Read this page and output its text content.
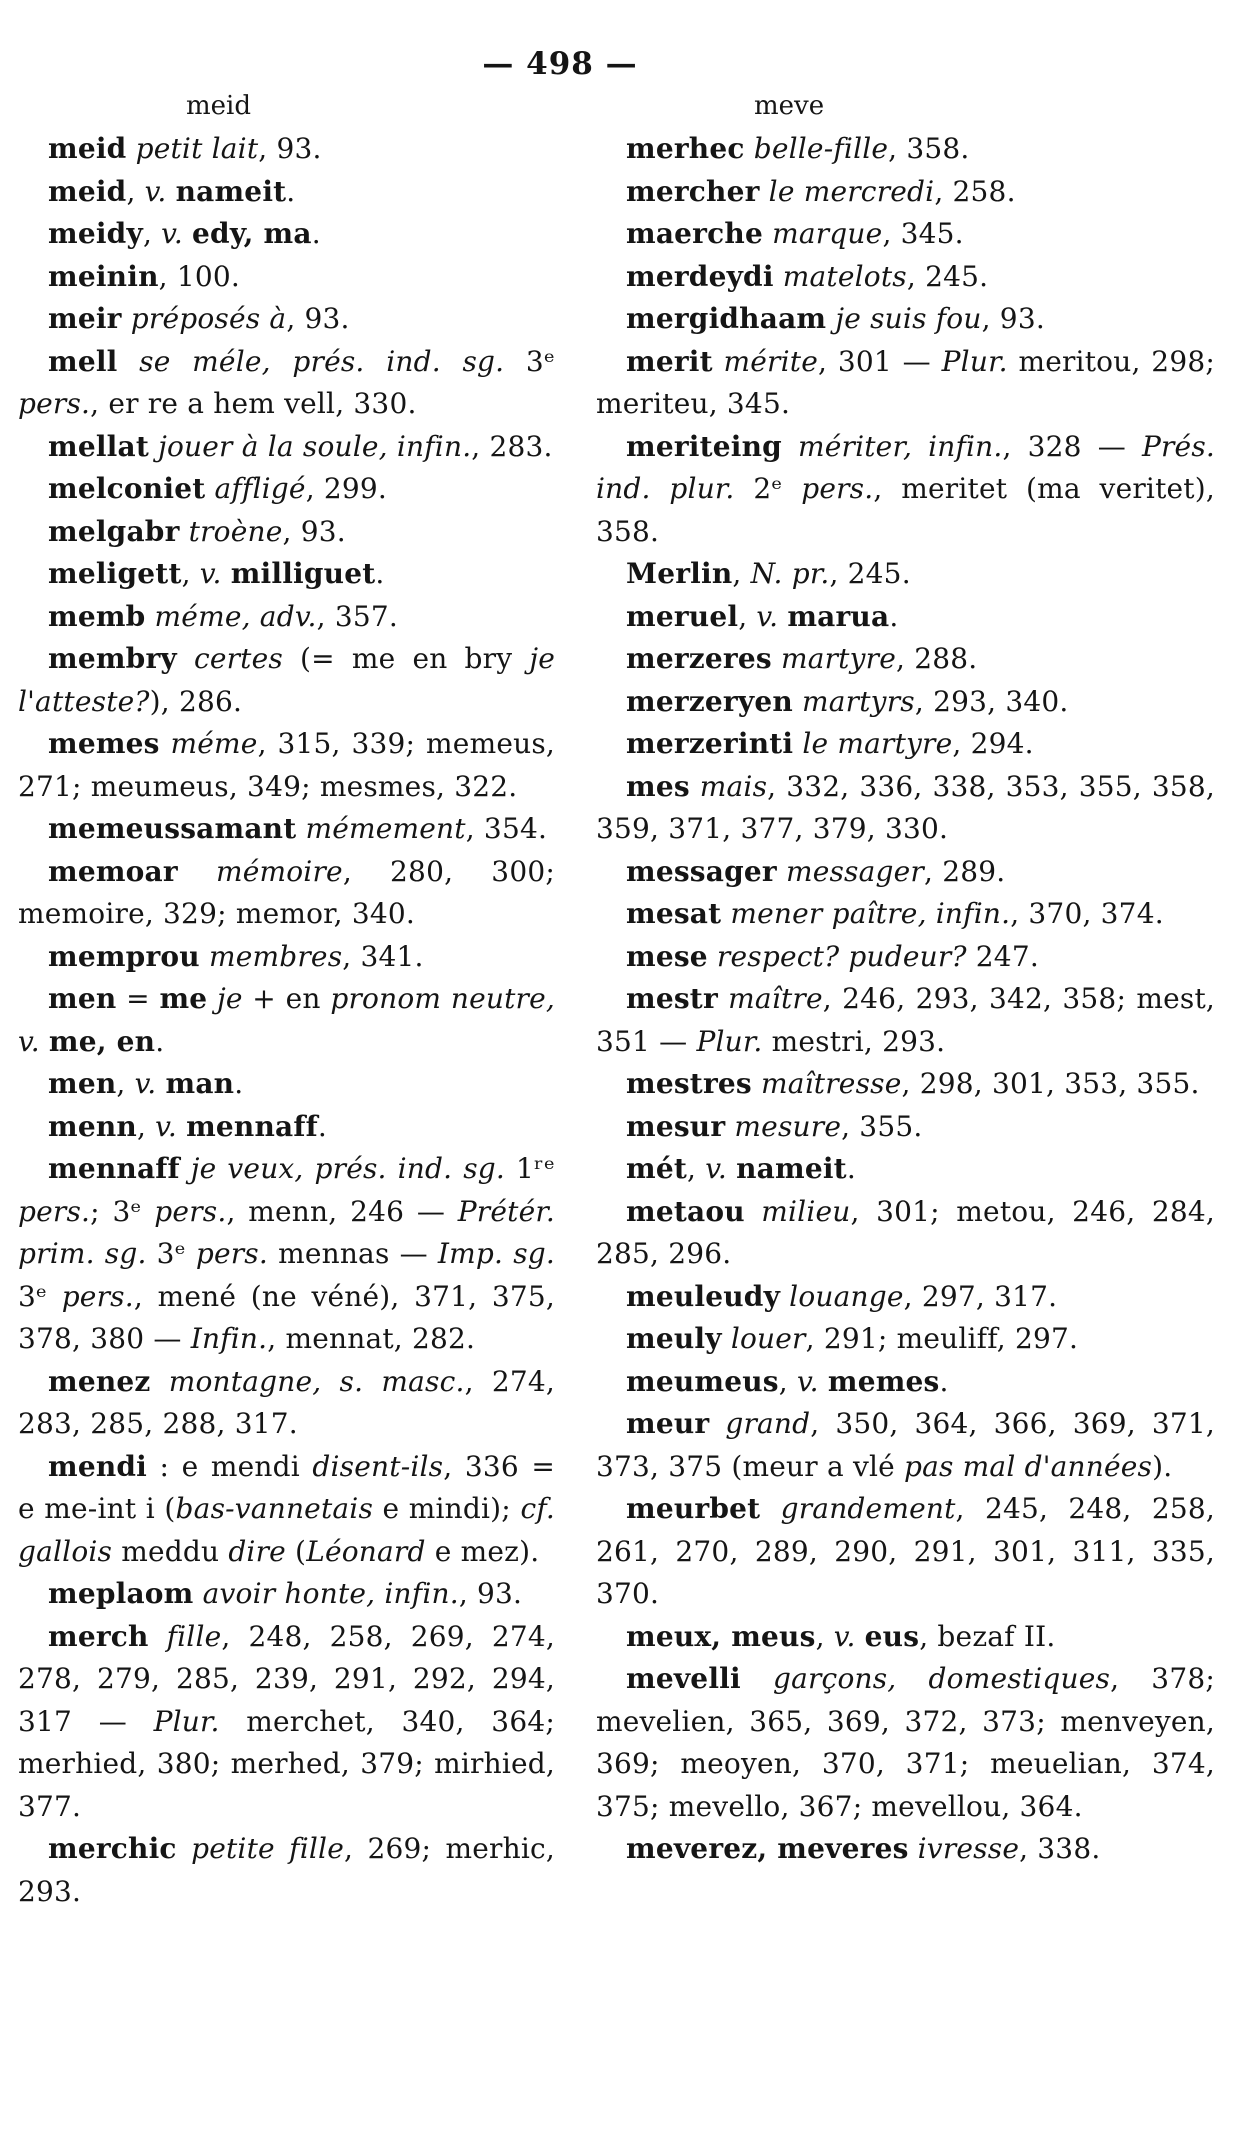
— 498 —
meid

meid petit lait, 93.

meid, v. nameit.

meidy, v. edy, ma.

meinin, 100.

meir préposés à, 93.

mell se méle, prés. ind. sg. 3ᵉ pers., er re a hem vell, 330.

mellat jouer à la soule, infin., 283.

melconiet affligé, 299.

melgabr troène, 93.

meligett, v. milliguet.

memb méme, adv., 357.

membry certes (= me en bry je l'atteste?), 286.

memes méme, 315, 339; memeus, 271; meumeus, 349; mesmes, 322.

memeussamant mémement, 354.

memoar mémoire, 280, 300; memoire, 329; memor, 340.

memprou membres, 341.

men = me je + en pronom neutre, v. me, en.

men, v. man.

menn, v. mennaff.

mennaff je veux, prés. ind. sg. 1ʳᵉ pers.; 3ᵉ pers., menn, 246 — Prétér. prim. sg. 3ᵉ pers. mennas — Imp. sg. 3ᵉ pers., mené (ne véné), 371, 375, 378, 380 — Infin., mennat, 282.

menez montagne, s. masc., 274, 283, 285, 288, 317.

mendi : e mendi disent-ils, 336 = e me-int i (bas-vannetais e mindi); cf. gallois meddu dire (Léonard e mez).

meplaom avoir honte, infin., 93.

merch fille, 248, 258, 269, 274, 278, 279, 285, 239, 291, 292, 294, 317 — Plur. merchet, 340, 364; merhied, 380; merhed, 379; mirhied, 377.

merchic petite fille, 269; merhic, 293.

meve

merhec belle-fille, 358.

mercher le mercredi, 258.

maerche marque, 345.

merdeydi matelots, 245.

mergidhaam je suis fou, 93.

merit mérite, 301 — Plur. meritou, 298; meriteu, 345.

meriteing mériter, infin., 328 — Prés. ind. plur. 2ᵉ pers., meritet (ma veritet), 358.

Merlin, N. pr., 245.

meruel, v. marua.

merzeres martyre, 288.

merzeryen martyrs, 293, 340.

merzerinti le martyre, 294.

mes mais, 332, 336, 338, 353, 355, 358, 359, 371, 377, 379, 330.

messager messager, 289.

mesat mener paître, infin., 370, 374.

mese respect? pudeur? 247.

mestr maître, 246, 293, 342, 358; mest, 351 — Plur. mestri, 293.

mestres maîtresse, 298, 301, 353, 355.

mesur mesure, 355.

mét, v. nameit.

metaou milieu, 301; metou, 246, 284, 285, 296.

meuleudy louange, 297, 317.

meuly louer, 291; meuliff, 297.

meumeus, v. memes.

meur grand, 350, 364, 366, 369, 371, 373, 375 (meur a vlé pas mal d'années).

meurbet grandement, 245, 248, 258, 261, 270, 289, 290, 291, 301, 311, 335, 370.

meux, meus, v. eus, bezaf II.

mevelli garçons, domestiques, 378; mevelien, 365, 369, 372, 373; menveyen, 369; meoyen, 370, 371; meuelian, 374, 375; mevello, 367; mevellou, 364.

meverez, meveres ivresse, 338.
